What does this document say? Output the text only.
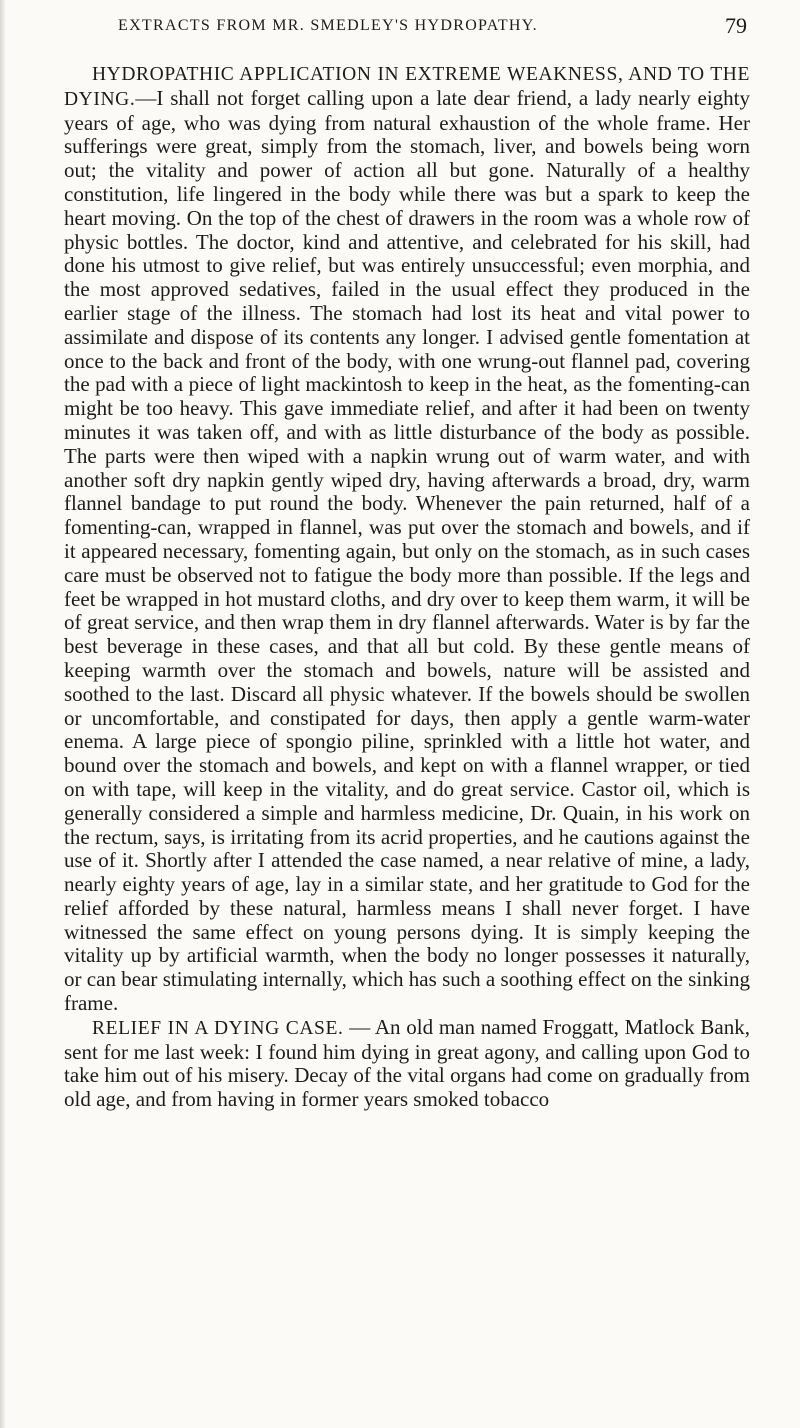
EXTRACTS FROM MR. SMEDLEY'S HYDROPATHY.	79

HYDROPATHIC APPLICATION IN EXTREME WEAKNESS, AND TO THE DYING.—I shall not forget calling upon a late dear friend, a lady nearly eighty years of age, who was dying from natural exhaustion of the whole frame. Her sufferings were great, simply from the stomach, liver, and bowels being worn out; the vitality and power of action all but gone. Naturally of a healthy constitution, life lingered in the body while there was but a spark to keep the heart moving. On the top of the chest of drawers in the room was a whole row of physic bottles. The doctor, kind and attentive, and celebrated for his skill, had done his utmost to give relief, but was entirely unsuccessful; even morphia, and the most approved sedatives, failed in the usual effect they produced in the earlier stage of the illness. The stomach had lost its heat and vital power to assimilate and dispose of its contents any longer. I advised gentle fomentation at once to the back and front of the body, with one wrung-out flannel pad, covering the pad with a piece of light mackintosh to keep in the heat, as the fomenting-can might be too heavy. This gave immediate relief, and after it had been on twenty minutes it was taken off, and with as little disturbance of the body as possible. The parts were then wiped with a napkin wrung out of warm water, and with another soft dry napkin gently wiped dry, having afterwards a broad, dry, warm flannel bandage to put round the body. Whenever the pain returned, half of a fomenting-can, wrapped in flannel, was put over the stomach and bowels, and if it appeared necessary, fomenting again, but only on the stomach, as in such cases care must be observed not to fatigue the body more than possible. If the legs and feet be wrapped in hot mustard cloths, and dry over to keep them warm, it will be of great service, and then wrap them in dry flannel afterwards. Water is by far the best beverage in these cases, and that all but cold. By these gentle means of keeping warmth over the stomach and bowels, nature will be assisted and soothed to the last. Discard all physic whatever. If the bowels should be swollen or uncomfortable, and constipated for days, then apply a gentle warm-water enema. A large piece of spongio piline, sprinkled with a little hot water, and bound over the stomach and bowels, and kept on with a flannel wrapper, or tied on with tape, will keep in the vitality, and do great service. Castor oil, which is generally considered a simple and harmless medicine, Dr. Quain, in his work on the rectum, says, is irritating from its acrid properties, and he cautions against the use of it. Shortly after I attended the case named, a near relative of mine, a lady, nearly eighty years of age, lay in a similar state, and her gratitude to God for the relief afforded by these natural, harmless means I shall never forget. I have witnessed the same effect on young persons dying. It is simply keeping the vitality up by artificial warmth, when the body no longer possesses it naturally, or can bear stimulating internally, which has such a soothing effect on the sinking frame.

RELIEF IN A DYING CASE. — An old man named Froggatt, Matlock Bank, sent for me last week: I found him dying in great agony, and calling upon God to take him out of his misery. Decay of the vital organs had come on gradually from old age, and from having in former years smoked tobacco
